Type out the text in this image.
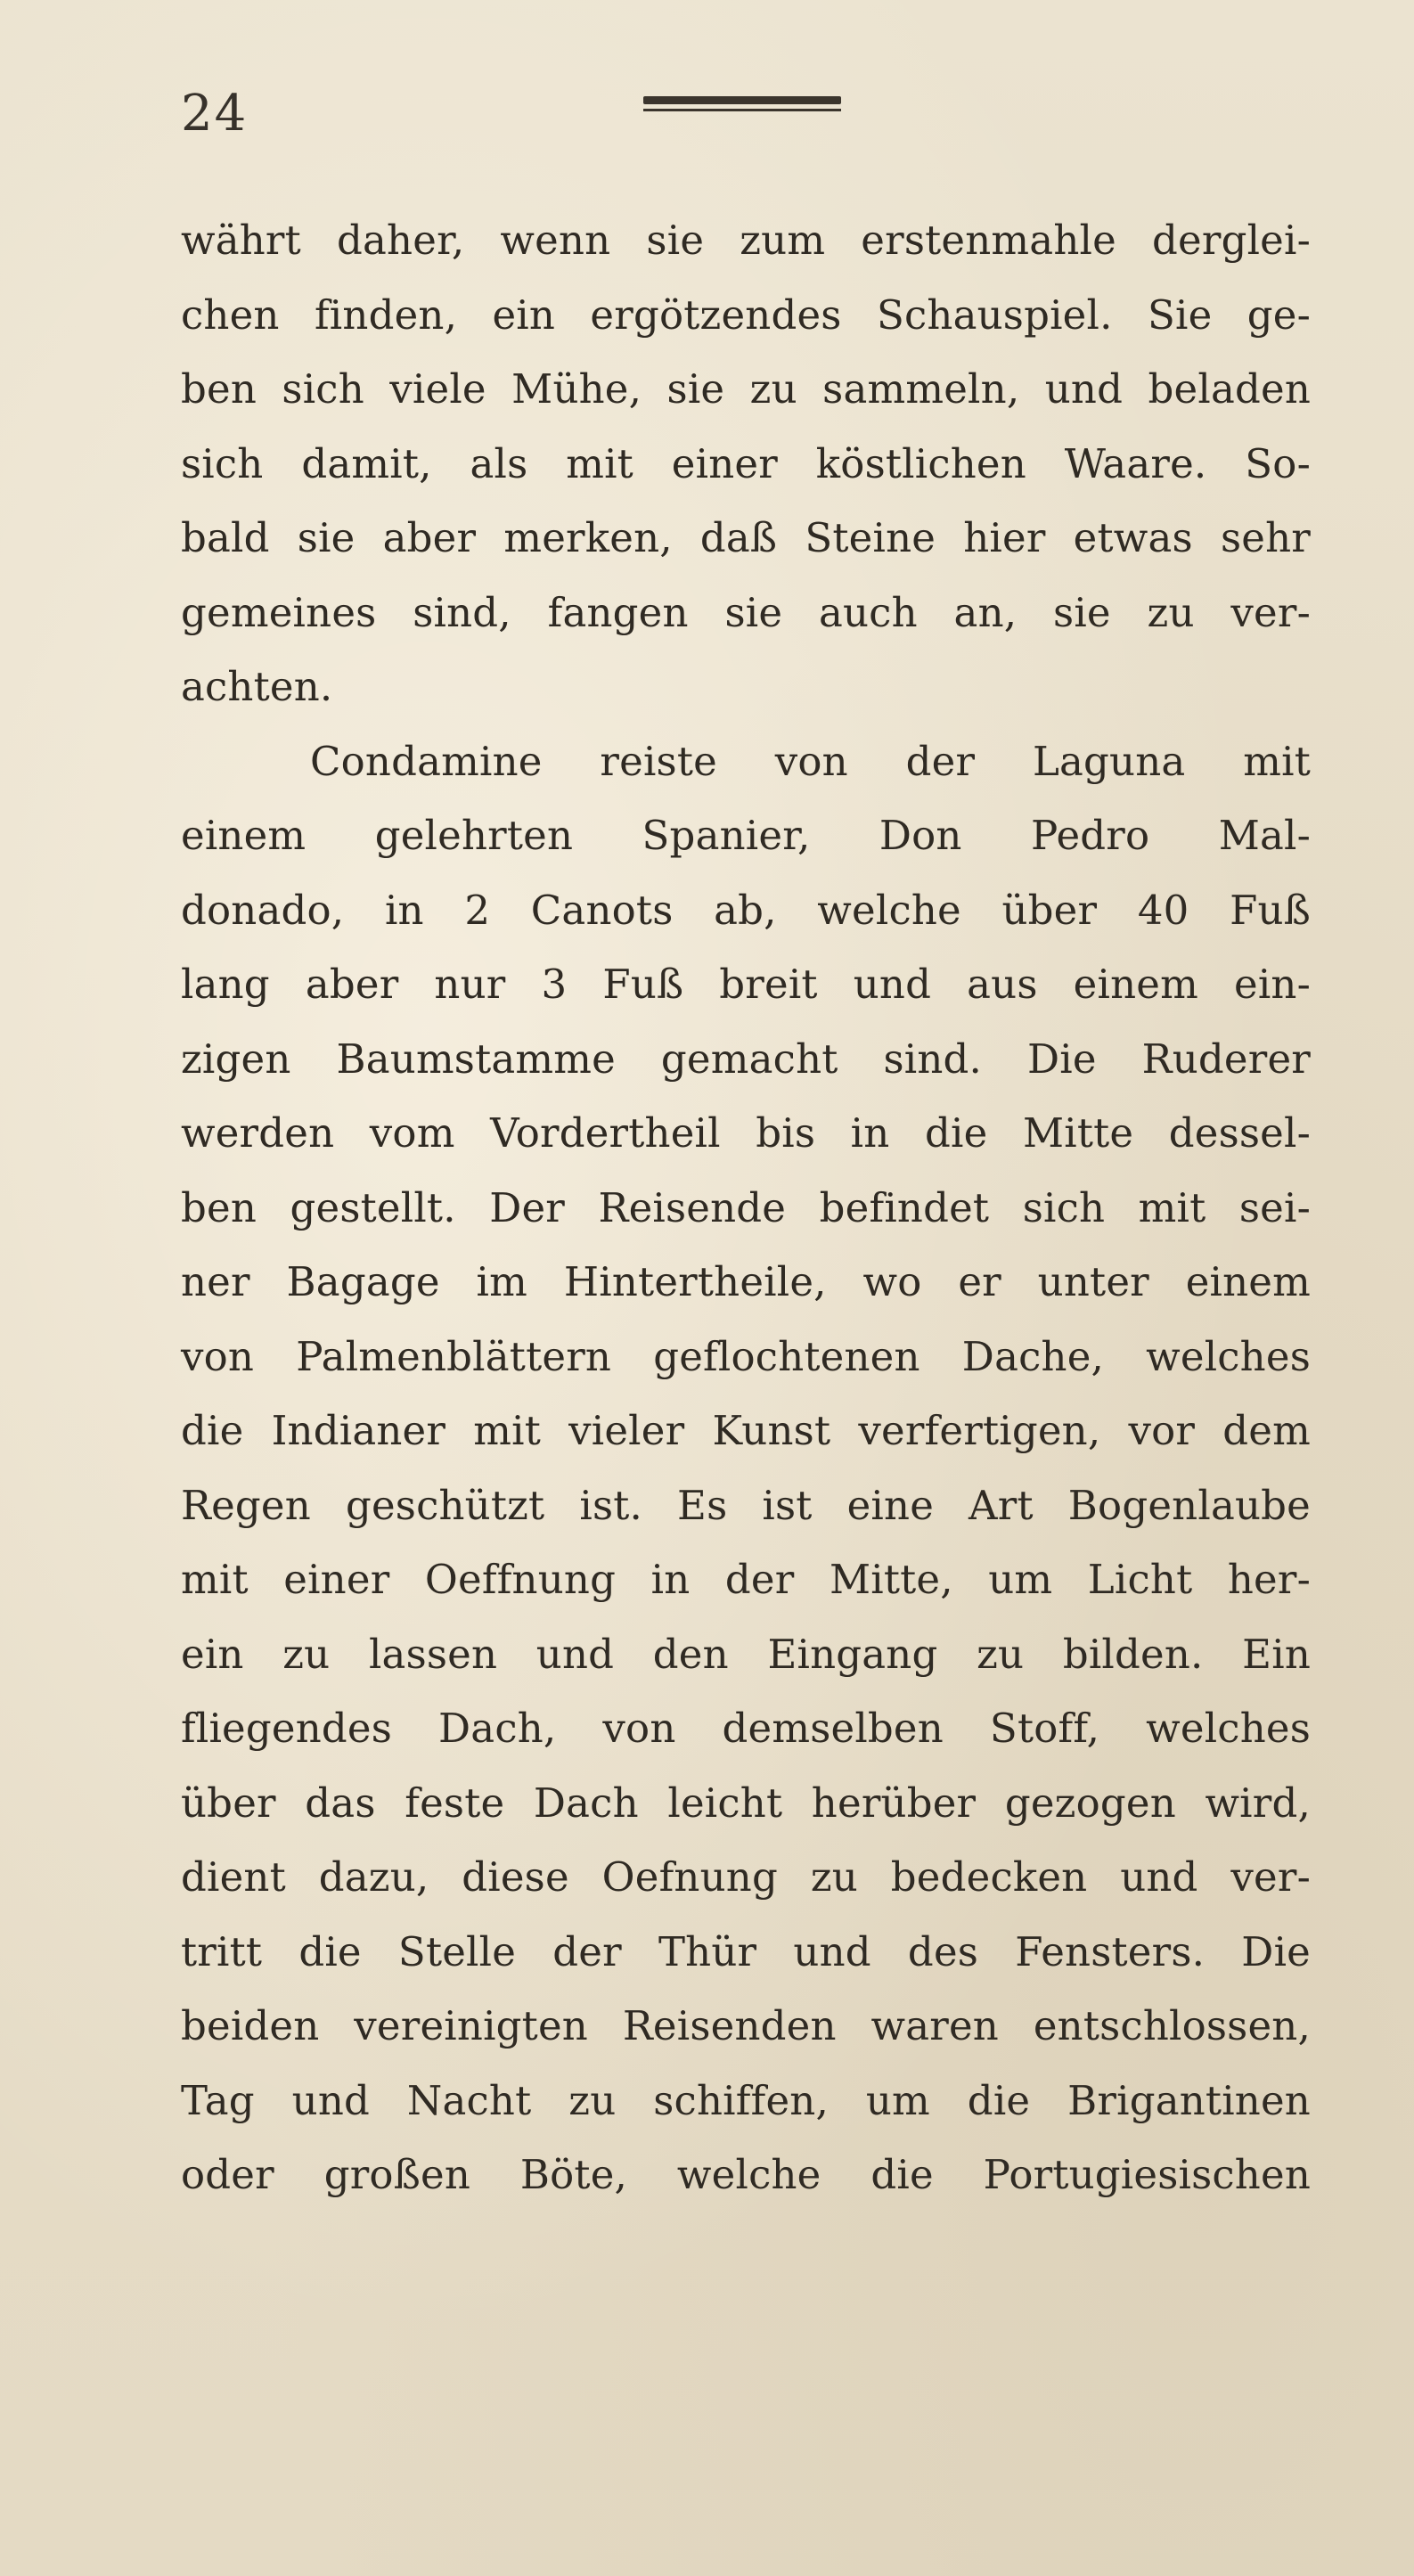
24
währt daher, wenn sie zum erstenmahle derglei-
chen finden, ein ergötzendes Schauspiel. Sie ge-
ben sich viele Mühe, sie zu sammeln, und beladen
sich damit, als mit einer köstlichen Waare. So-
bald sie aber merken, daß Steine hier etwas sehr
gemeines sind, fangen sie auch an, sie zu ver-
achten.
Condamine reiste von der Laguna mit
einem gelehrten Spanier, Don Pedro Mal-
donado, in 2 Canots ab, welche über 40 Fuß
lang aber nur 3 Fuß breit und aus einem ein-
zigen Baumstamme gemacht sind. Die Ruderer
werden vom Vordertheil bis in die Mitte dessel-
ben gestellt. Der Reisende befindet sich mit sei-
ner Bagage im Hintertheile, wo er unter einem
von Palmenblättern geflochtenen Dache, welches
die Indianer mit vieler Kunst verfertigen, vor dem
Regen geschützt ist. Es ist eine Art Bogenlaube
mit einer Oeffnung in der Mitte, um Licht her-
ein zu lassen und den Eingang zu bilden. Ein
fliegendes Dach, von demselben Stoff, welches
über das feste Dach leicht herüber gezogen wird,
dient dazu, diese Oefnung zu bedecken und ver-
tritt die Stelle der Thür und des Fensters. Die
beiden vereinigten Reisenden waren entschlossen,
Tag und Nacht zu schiffen, um die Brigantinen
oder großen Böte, welche die Portugiesischen
